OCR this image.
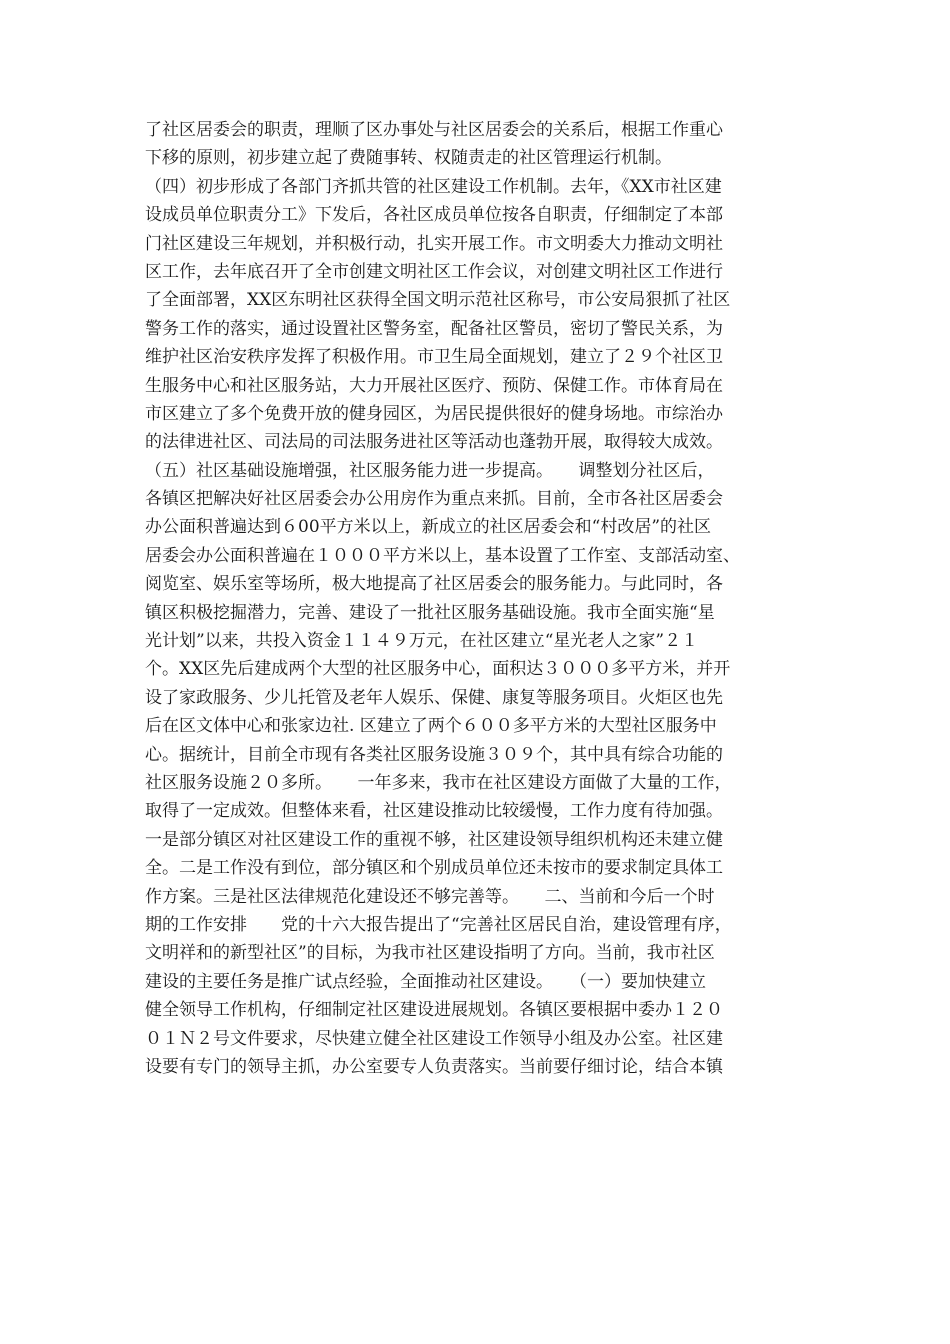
了社区居委会的职责，理顺了区办事处与社区居委会的关系后，根据工作重心
下移的原则，初步建立起了费随事转、权随责走的社区管理运行机制。
（四）初步形成了各部门齐抓共管的社区建设工作机制。去年，《XX市社区建
设成员单位职责分工》下发后，各社区成员单位按各自职责，仔细制定了本部
门社区建设三年规划，并积极行动，扎实开展工作。市文明委大力推动文明社
区工作，去年底召开了全市创建文明社区工作会议，对创建文明社区工作进行
了全面部署，XX区东明社区获得全国文明示范社区称号，市公安局狠抓了社区
警务工作的落实，通过设置社区警务室，配备社区警员，密切了警民关系，为
维护社区治安秩序发挥了积极作用。市卫生局全面规划，建立了２９个社区卫
生服务中心和社区服务站，大力开展社区医疗、预防、保健工作。市体育局在
市区建立了多个免费开放的健身园区，为居民提供很好的健身场地。市综治办
的法律进社区、司法局的司法服务进社区等活动也蓬勃开展，取得较大成效。
（五）社区基础设施增强，社区服务能力进一步提高。　　调整划分社区后，
各镇区把解决好社区居委会办公用房作为重点来抓。目前，全市各社区居委会
办公面积普遍达到６00平方米以上，新成立的社区居委会和“村改居”的社区
居委会办公面积普遍在１０００平方米以上，基本设置了工作室、支部活动室、
阅览室、娱乐室等场所，极大地提高了社区居委会的服务能力。与此同时，各
镇区积极挖掘潜力，完善、建设了一批社区服务基础设施。我市全面实施“星
光计划”以来，共投入资金１１４９万元，在社区建立“星光老人之家”２１
个。XX区先后建成两个大型的社区服务中心，面积达３０００多平方米，并开
设了家政服务、少儿托管及老年人娱乐、保健、康复等服务项目。火炬区也先
后在区文体中心和张家边社. 区建立了两个６００多平方米的大型社区服务中
心。据统计，目前全市现有各类社区服务设施３０９个，其中具有综合功能的
社区服务设施２０多所。　　一年多来，我市在社区建设方面做了大量的工作，
取得了一定成效。但整体来看，社区建设推动比较缓慢，工作力度有待加强。
一是部分镇区对社区建设工作的重视不够，社区建设领导组织机构还未建立健
全。二是工作没有到位，部分镇区和个别成员单位还未按市的要求制定具体工
作方案。三是社区法律规范化建设还不够完善等。　　二、当前和今后一个时
期的工作安排　　党的十六大报告提出了“完善社区居民自治，建设管理有序，
文明祥和的新型社区”的目标，为我市社区建设指明了方向。当前，我市社区
建设的主要任务是推广试点经验，全面推动社区建设。　　（一）要加快建立
健全领导工作机构，仔细制定社区建设进展规划。各镇区要根据中委办１２０
０１Ｎ２号文件要求，尽快建立健全社区建设工作领导小组及办公室。社区建
设要有专门的领导主抓，办公室要专人负责落实。当前要仔细讨论，结合本镇
